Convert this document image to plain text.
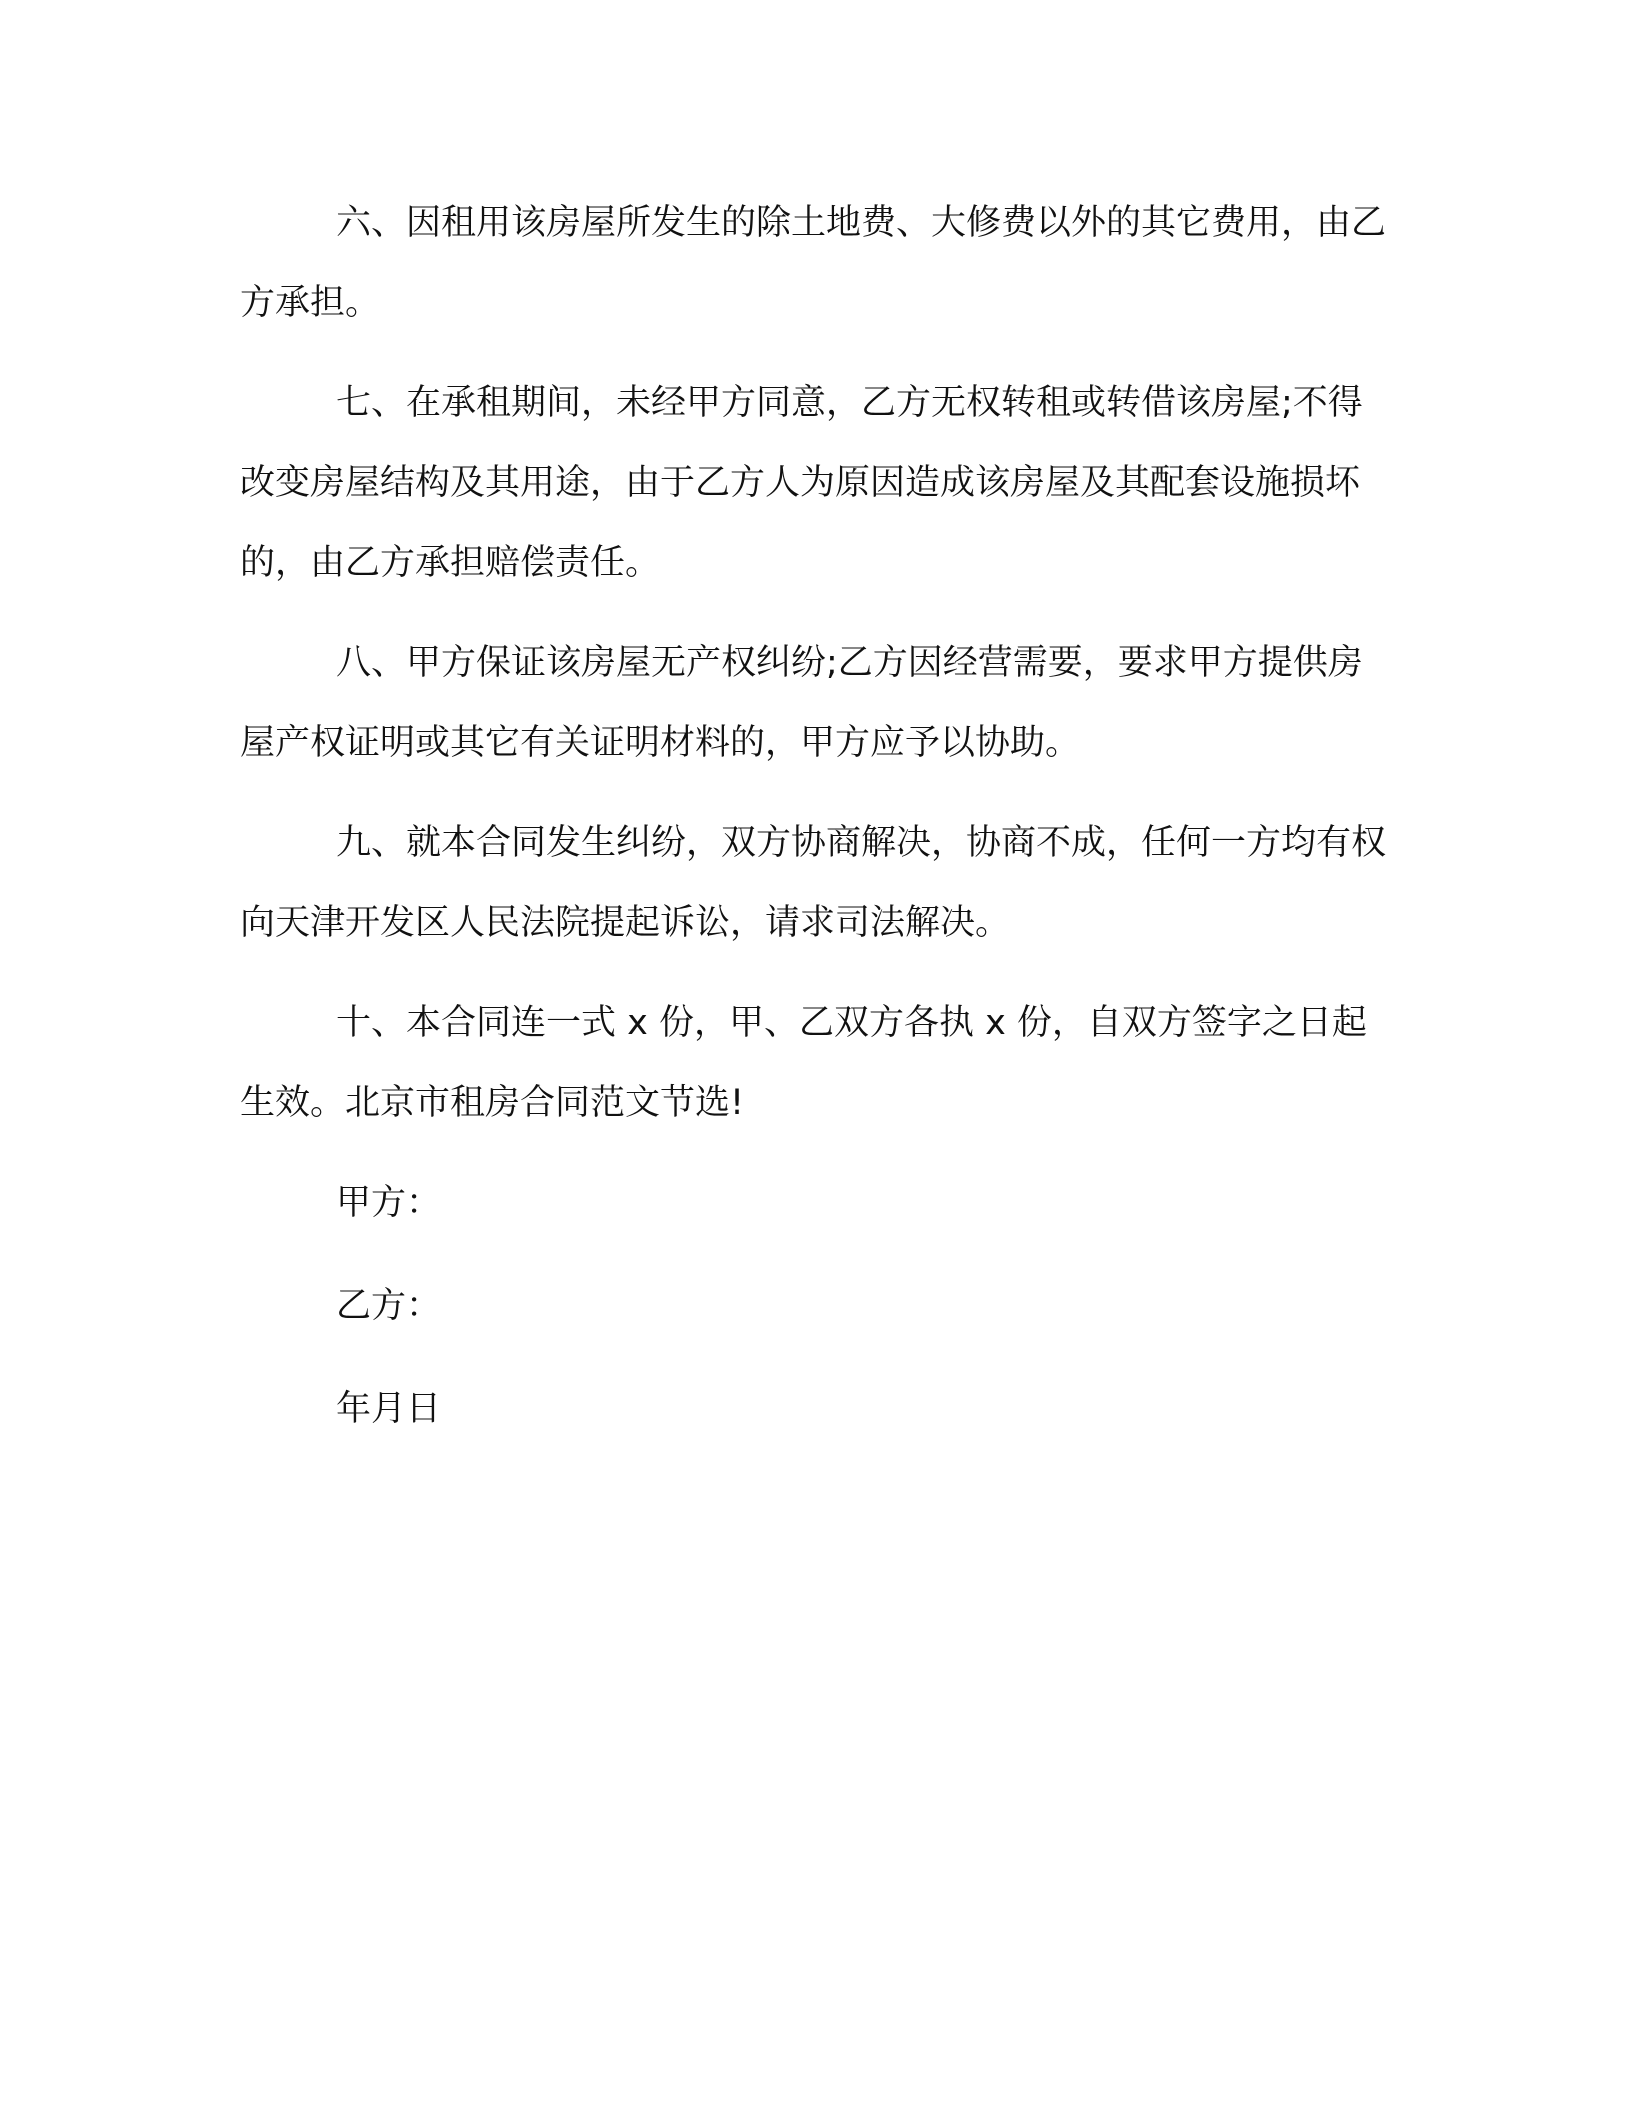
六、因租用该房屋所发生的除土地费、大修费以外的其它费用，由乙方承担。

七、在承租期间，未经甲方同意，乙方无权转租或转借该房屋;不得改变房屋结构及其用途，由于乙方人为原因造成该房屋及其配套设施损坏的，由乙方承担赔偿责任。

八、甲方保证该房屋无产权纠纷;乙方因经营需要，要求甲方提供房屋产权证明或其它有关证明材料的，甲方应予以协助。

九、就本合同发生纠纷，双方协商解决，协商不成，任何一方均有权向天津开发区人民法院提起诉讼，请求司法解决。

十、本合同连一式 x 份，甲、乙双方各执 x 份，自双方签字之日起生效。北京市租房合同范文节选!

甲方：

乙方：

年月日
